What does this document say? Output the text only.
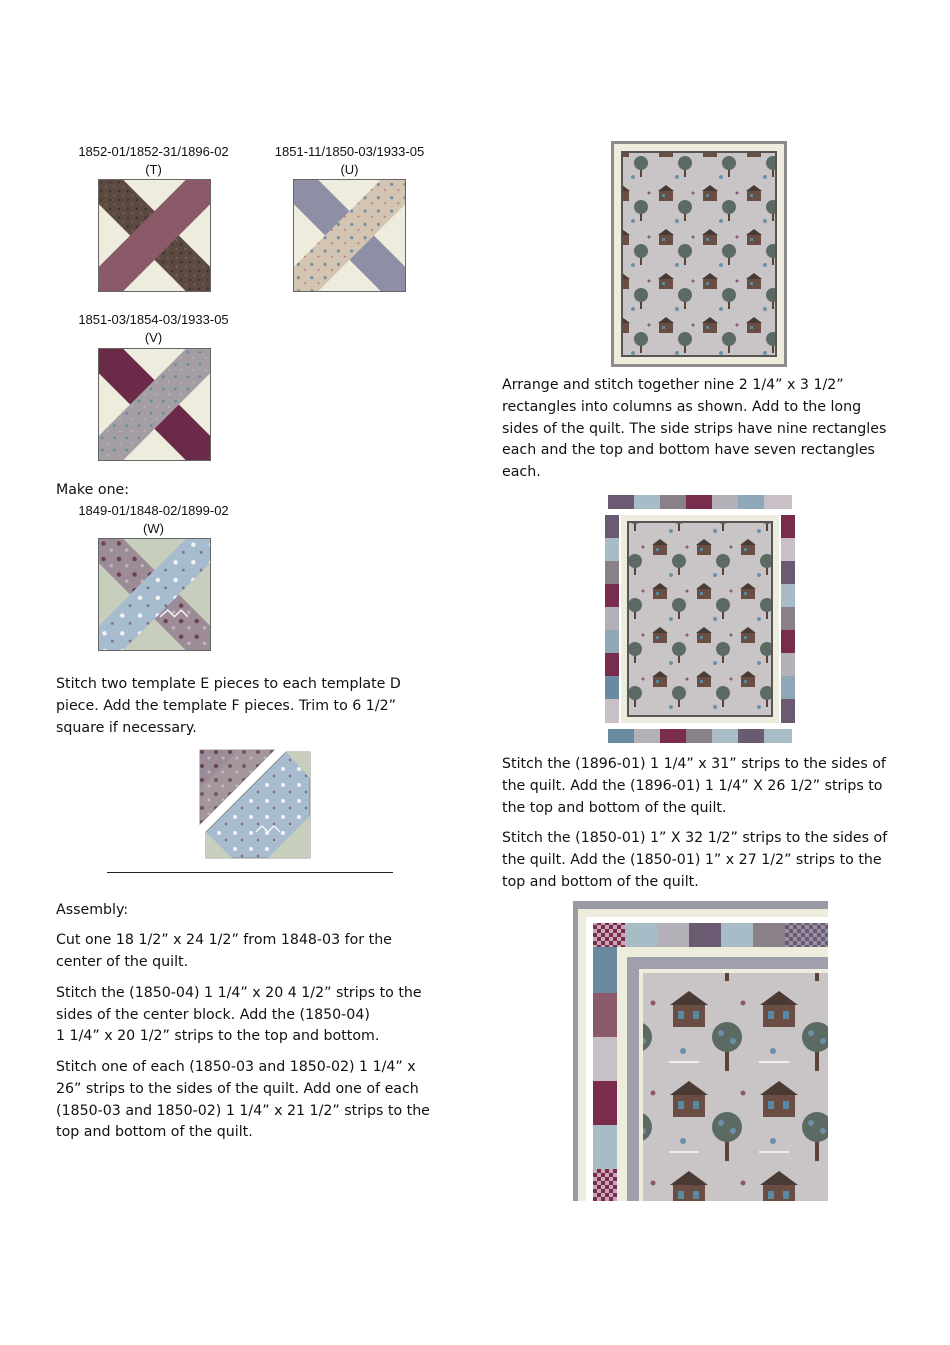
1852-01/1852-31/1896-02
(T)
1851-11/1850-03/1933-05
(U)
1851-03/1854-03/1933-05
(V)
Make one:
1849-01/1848-02/1899-02
(W)

Stitch two template E pieces to each template D piece. Add the template F pieces. Trim to 6 1/2” square if necessary.

Assembly:

Cut one 18 1/2” x 24 1/2” from 1848-03 for the center of the quilt.

Stitch the (1850-04) 1 1/4” x 20 4 1/2” strips to the sides of the center block. Add the (1850-04)

1 1/4” x 20 1/2” strips to the top and bottom.

Stitch one of each (1850-03 and 1850-02) 1 1/4” x 26” strips to the sides of the quilt. Add one of each (1850-03 and 1850-02) 1 1/4” x 21 1/2” strips to the top and bottom of the quilt.

Arrange and stitch together nine 2 1/4” x 3 1/2” rectangles into columns as shown. Add to the long sides of the quilt. The side strips have nine rectangles each and the top and bottom have seven rectangles each.

Stitch the (1896-01) 1 1/4” x 31” strips to the sides of the quilt. Add the (1896-01) 1 1/4” X 26 1/2” strips to the top and bottom of the quilt.

Stitch the (1850-01) 1” X 32 1/2” strips to the sides of the quilt. Add the (1850-01) 1” x 27 1/2” strips to the top and bottom of the quilt.
